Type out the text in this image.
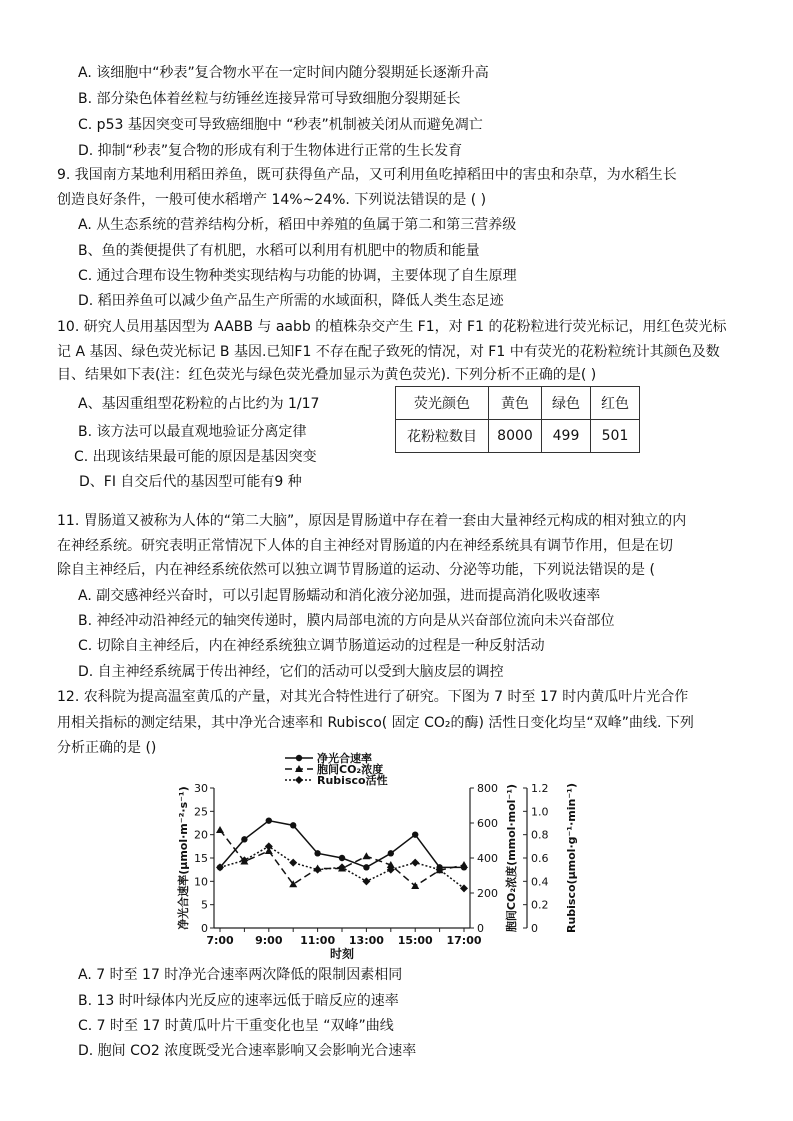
A. 该细胞中“秒表”复合物水平在一定时间内随分裂期延长逐渐升高
B. 部分染色体着丝粒与纺锤丝连接异常可导致细胞分裂期延长
C. p53 基因突变可导致癌细胞中 “秒表”机制被关闭从而避免凋亡
D. 抑制“秒表”复合物的形成有利于生物体进行正常的生长发育
9. 我国南方某地利用稻田养鱼，既可获得鱼产品，又可利用鱼吃掉稻田中的害虫和杂草，为水稻生长
创造良好条件，一般可使水稻增产 14%~24%. 下列说法错误的是 ( )
A. 从生态系统的营养结构分析，稻田中养殖的鱼属于第二和第三营养级
B、鱼的粪便提供了有机肥，水稻可以利用有机肥中的物质和能量
C. 通过合理布设生物种类实现结构与功能的协调，主要体现了自生原理
D. 稻田养鱼可以减少鱼产品生产所需的水域面积，降低人类生态足迹
10. 研究人员用基因型为 AABB 与 aabb 的植株杂交产生 F1，对 F1 的花粉粒进行荧光标记，用红色荧光标
记 A 基因、绿色荧光标记 B 基因.已知F1 不存在配子致死的情况，对 F1 中有荧光的花粉粒统计其颜色及数
目、结果如下表(注：红色荧光与绿色荧光叠加显示为黄色荧光). 下列分析不正确的是( )
A、基因重组型花粉粒的占比约为 1/17
B. 该方法可以最直观地验证分离定律
C. 出现该结果最可能的原因是基因突变
D、FI 自交后代的基因型可能有9 种
荧光颜色	黄色	绿色	红色
花粉粒数目	8000	499	501
11. 胃肠道又被称为人体的“第二大脑”，原因是胃肠道中存在着一套由大量神经元构成的相对独立的内
在神经系统。研究表明正常情况下人体的自主神经对胃肠道的内在神经系统具有调节作用，但是在切
除自主神经后，内在神经系统依然可以独立调节胃肠道的运动、分泌等功能，下列说法错误的是 (
A. 副交感神经兴奋时，可以引起胃肠蠕动和消化液分泌加强，进而提高消化吸收速率
B. 神经冲动沿神经元的轴突传递时，膜内局部电流的方向是从兴奋部位流向未兴奋部位
C. 切除自主神经后，内在神经系统独立调节肠道运动的过程是一种反射活动
D. 自主神经系统属于传出神经，它们的活动可以受到大脑皮层的调控
12. 农科院为提高温室黄瓜的产量，对其光合特性进行了研究。下图为 7 时至 17 时内黄瓜叶片光合作
用相关指标的测定结果，其中净光合速率和 Rubisco( 固定 CO₂的酶) 活性日变化均呈“双峰”曲线. 下列
分析正确的是 ()
0
5
10
15
20
25
30
0
200
400
600
800
0
0.2
0.4
0.6
0.8
1.0
1.2
7:00 9:00 11:00 13:00 15:00 17:00
时刻
净光合速率(μmol·m⁻²·s⁻¹)	胞间CO₂浓度(mmol·mol⁻¹)	Rubisco(μmol·g⁻¹·min⁻¹)
净光合速率
胞间CO₂浓度
Rubisco活性
A. 7 时至 17 时净光合速率两次降低的限制因素相同
B. 13 时叶绿体内光反应的速率远低于暗反应的速率
C. 7 时至 17 时黄瓜叶片干重变化也呈 “双峰”曲线
D. 胞间 CO2 浓度既受光合速率影响又会影响光合速率
